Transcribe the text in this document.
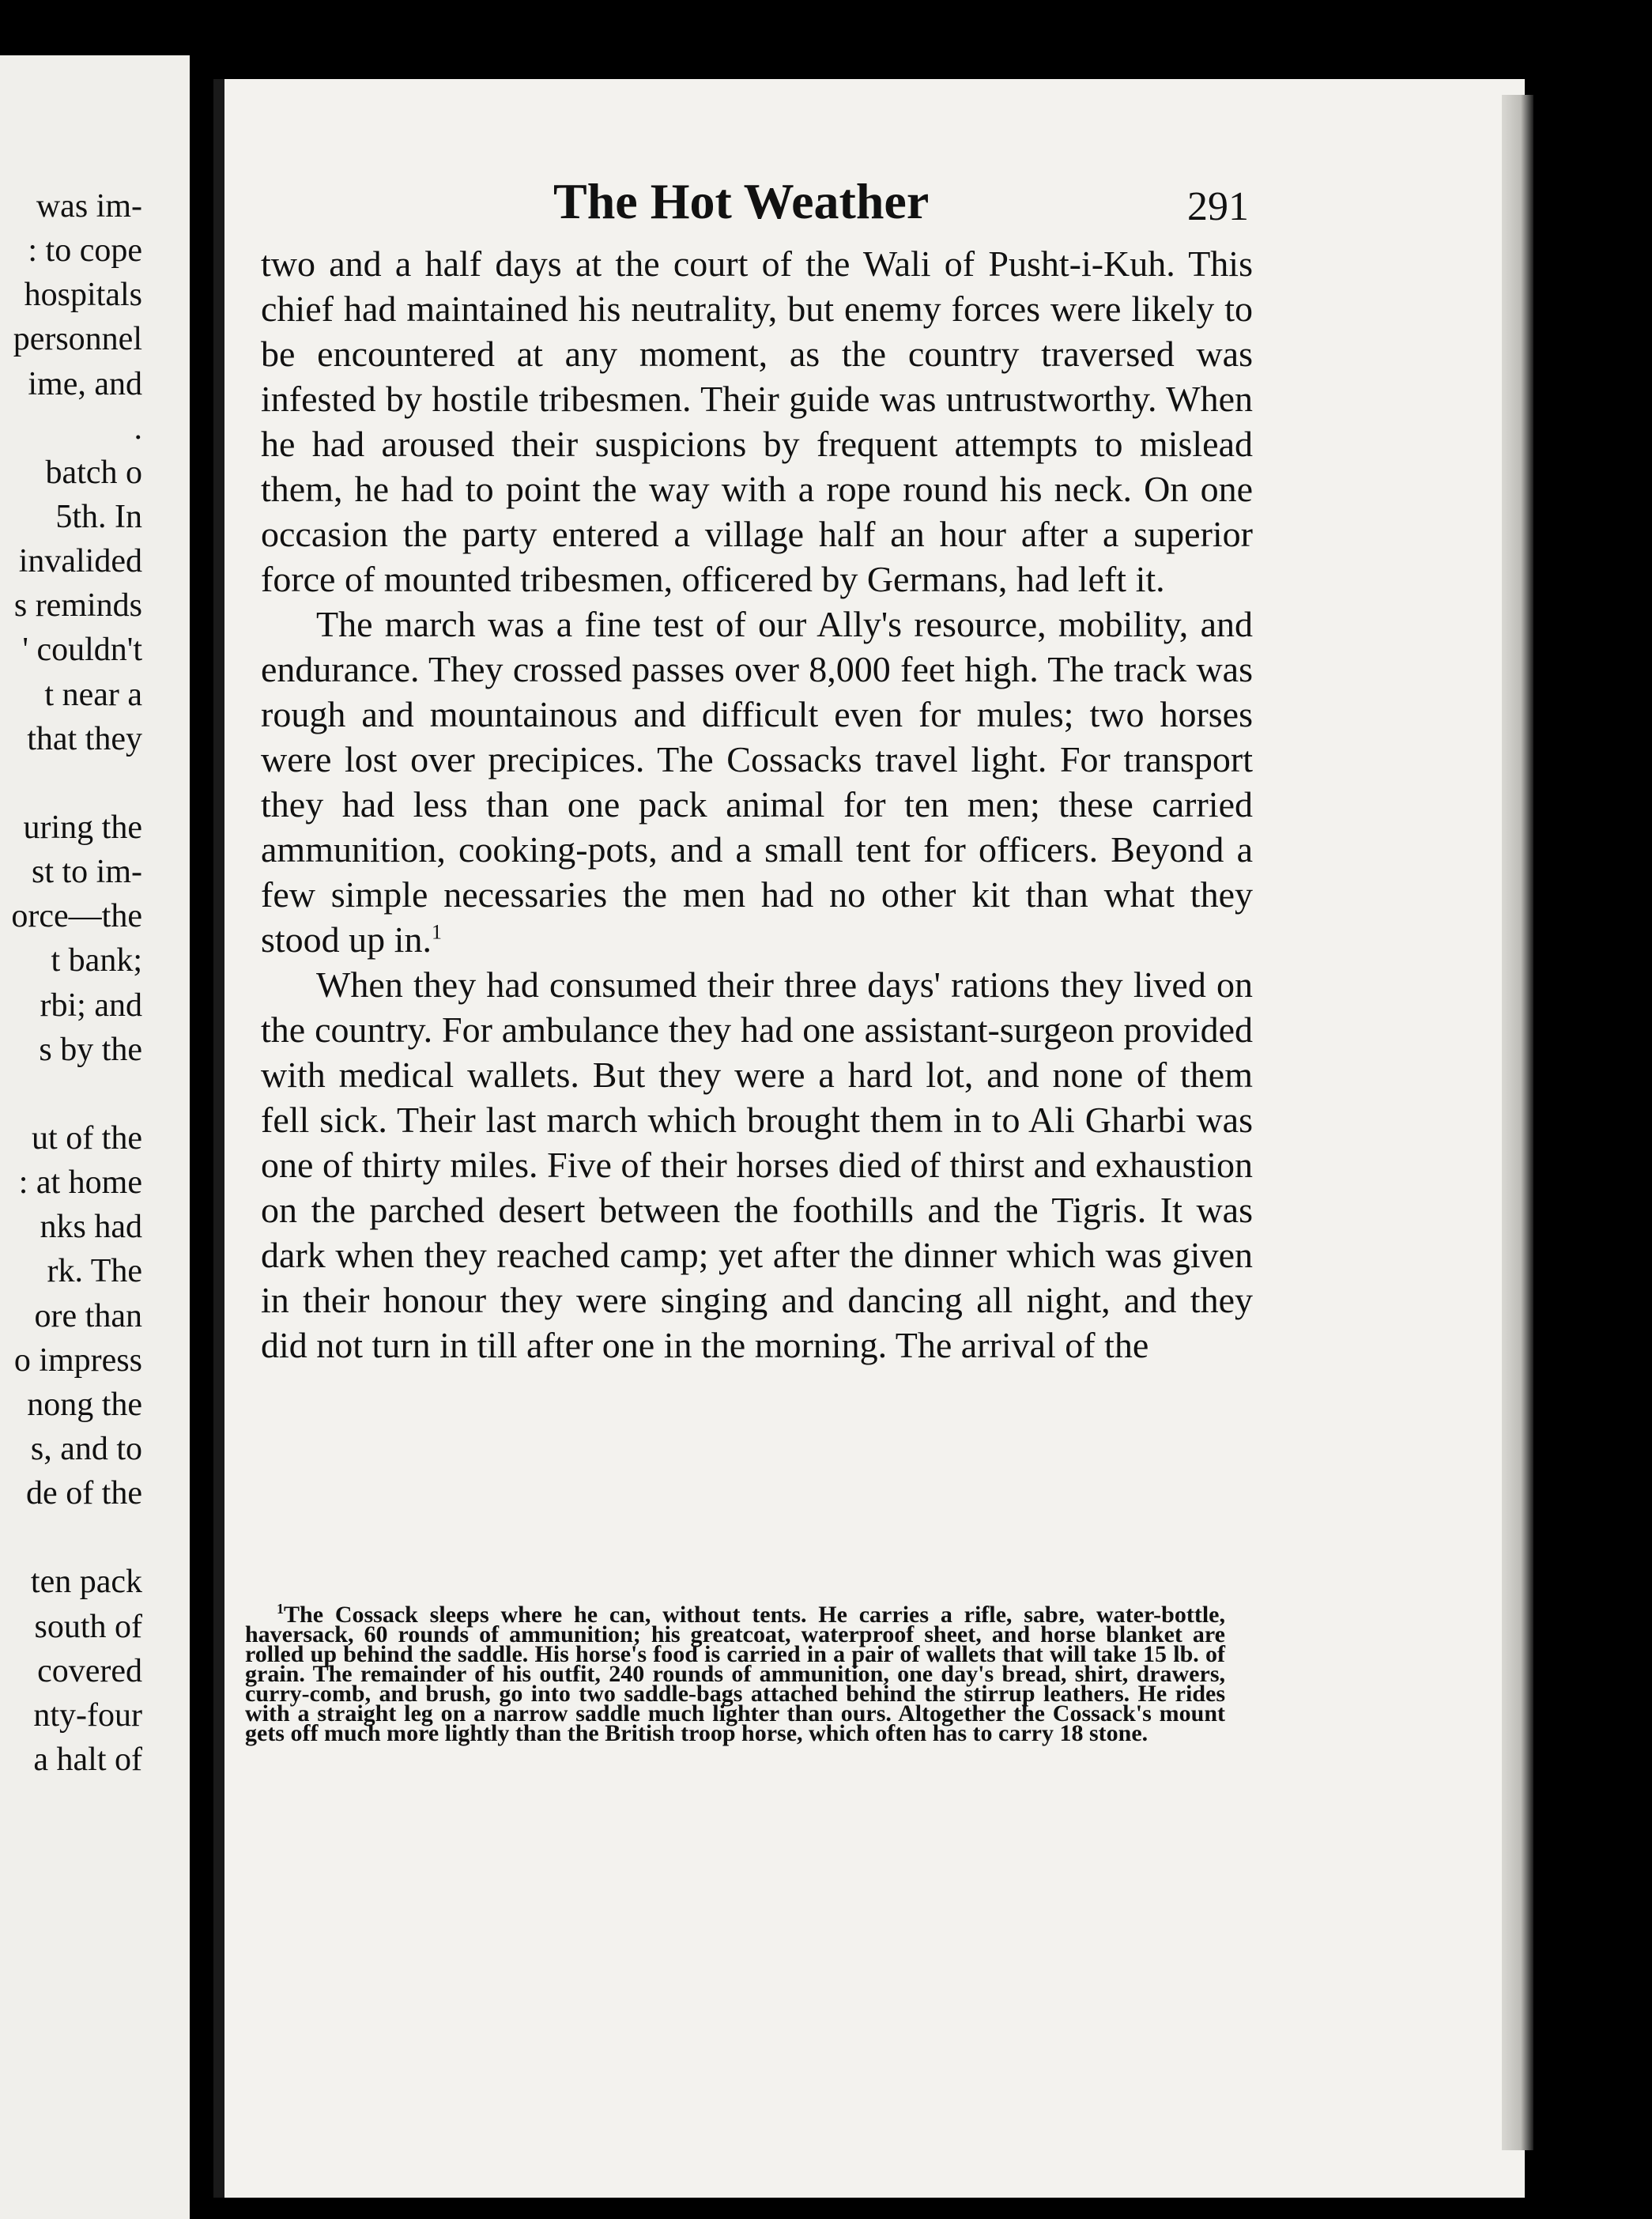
was im-
: to cope
hospitals
personnel
ime, and
.
batch o
5th. In
invalided
s reminds
' couldn't
t near a
that they
uring the
st to im-
orce—the
t bank;
rbi; and
s by the
ut of the
: at home
nks had
rk. The
ore than
o impress
nong the
s, and to
de of the
ten pack
south of
covered
nty-four
a halt of
The Hot Weather	291

two and a half days at the court of the Wali of Pusht-i-Kuh. This chief had maintained his neutrality, but enemy forces were likely to be encountered at any moment, as the country traversed was infested by hostile tribesmen. Their guide was untrustworthy. When he had aroused their suspicions by frequent attempts to mislead them, he had to point the way with a rope round his neck. On one occasion the party entered a village half an hour after a superior force of mounted tribesmen, officered by Germans, had left it.

The march was a fine test of our Ally's resource, mobility, and endurance. They crossed passes over 8,000 feet high. The track was rough and mountainous and difficult even for mules; two horses were lost over precipices. The Cossacks travel light. For transport they had less than one pack animal for ten men; these carried ammunition, cooking-pots, and a small tent for officers. Beyond a few simple necessaries the men had no other kit than what they stood up in.$^1$

When they had consumed their three days' rations they lived on the country. For ambulance they had one assistant-surgeon provided with medical wallets. But they were a hard lot, and none of them fell sick. Their last march which brought them in to Ali Gharbi was one of thirty miles. Five of their horses died of thirst and exhaustion on the parched desert between the foothills and the Tigris. It was dark when they reached camp; yet after the dinner which was given in their honour they were singing and dancing all night, and they did not turn in till after one in the morning. The arrival of the

$^1$The Cossack sleeps where he can, without tents. He carries a rifle, sabre, water-bottle, haversack, 60 rounds of ammunition; his greatcoat, waterproof sheet, and horse blanket are rolled up behind the saddle. His horse's food is carried in a pair of wallets that will take 15 lb. of grain. The remainder of his outfit, 240 rounds of ammunition, one day's bread, shirt, drawers, curry-comb, and brush, go into two saddle-bags attached behind the stirrup leathers. He rides with a straight leg on a narrow saddle much lighter than ours. Altogether the Cossack's mount gets off much more lightly than the British troop horse, which often has to carry 18 stone.
